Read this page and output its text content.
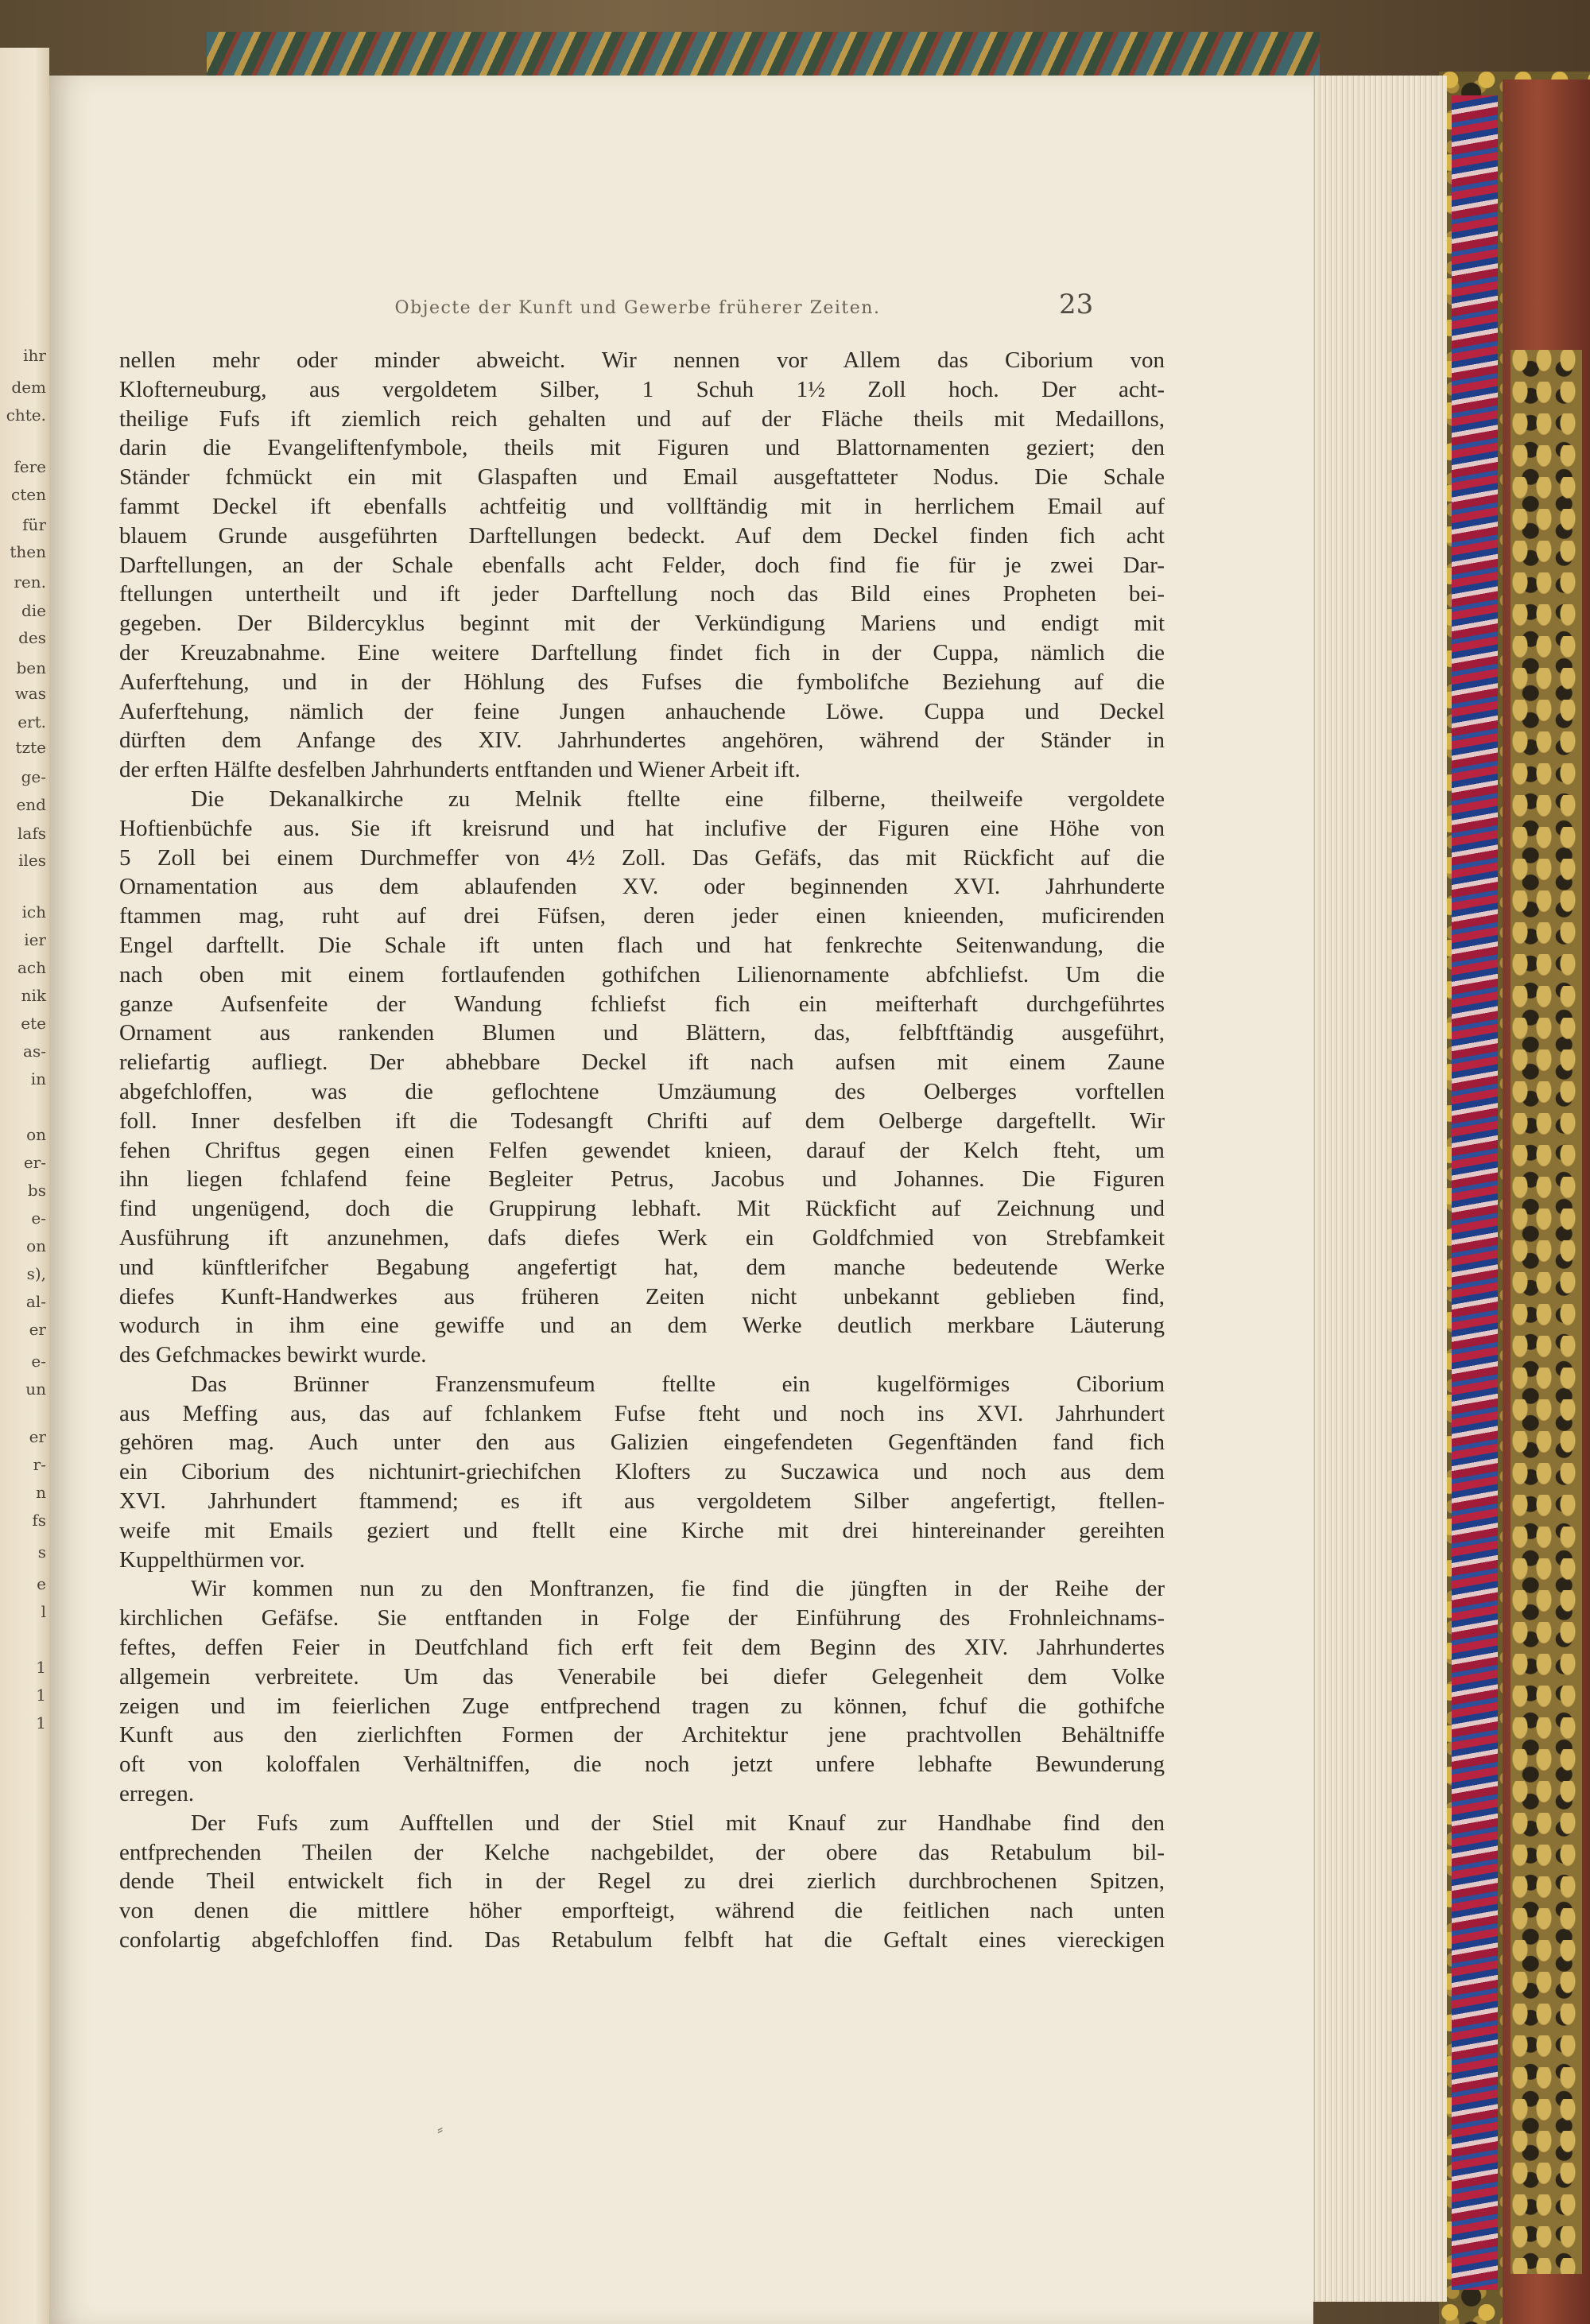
ihr
dem
chte.
fere
cten
für
then
ren.
die
des
ben
was
ert.
tzte
ge-
end
lafs
iles
ich
ier
ach
nik
ete
as-
in
on
er-
bs
e-
on
s),
al-
er
e-
un
er
r-
n
fs
s
e
l
1
1
1
Objecte der Kunft und Gewerbe früherer Zeiten.	23
nellen mehr oder minder abweicht. Wir nennen vor Allem das Ciborium von
Klofterneuburg, aus vergoldetem Silber, 1 Schuh 1½ Zoll hoch. Der acht-
theilige Fufs ift ziemlich reich gehalten und auf der Fläche theils mit Medaillons,
darin die Evangeliftenfymbole, theils mit Figuren und Blattornamenten geziert; den
Ständer fchmückt ein mit Glaspaften und Email ausgeftatteter Nodus. Die Schale
fammt Deckel ift ebenfalls achtfeitig und vollftändig mit in herrlichem Email auf
blauem Grunde ausgeführten Darftellungen bedeckt. Auf dem Deckel finden fich acht
Darftellungen, an der Schale ebenfalls acht Felder, doch find fie für je zwei Dar-
ftellungen untertheilt und ift jeder Darftellung noch das Bild eines Propheten bei-
gegeben. Der Bildercyklus beginnt mit der Verkündigung Mariens und endigt mit
der Kreuzabnahme. Eine weitere Darftellung findet fich in der Cuppa, nämlich die
Auferftehung, und in der Höhlung des Fufses die fymbolifche Beziehung auf die
Auferftehung, nämlich der feine Jungen anhauchende Löwe. Cuppa und Deckel
dürften dem Anfange des XIV. Jahrhundertes angehören, während der Ständer in
der erften Hälfte desfelben Jahrhunderts entftanden und Wiener Arbeit ift.
Die Dekanalkirche zu Melnik ftellte eine filberne, theilweife vergoldete
Hoftienbüchfe aus. Sie ift kreisrund und hat inclufive der Figuren eine Höhe von
5 Zoll bei einem Durchmeffer von 4½ Zoll. Das Gefäfs, das mit Rückficht auf die
Ornamentation aus dem ablaufenden XV. oder beginnenden XVI. Jahrhunderte
ftammen mag, ruht auf drei Füfsen, deren jeder einen knieenden, muficirenden
Engel darftellt. Die Schale ift unten flach und hat fenkrechte Seitenwandung, die
nach oben mit einem fortlaufenden gothifchen Lilienornamente abfchliefst. Um die
ganze Aufsenfeite der Wandung fchliefst fich ein meifterhaft durchgeführtes
Ornament aus rankenden Blumen und Blättern, das, felbftftändig ausgeführt,
reliefartig aufliegt. Der abhebbare Deckel ift nach aufsen mit einem Zaune
abgefchloffen, was die geflochtene Umzäumung des Oelberges vorftellen
foll. Inner desfelben ift die Todesangft Chrifti auf dem Oelberge dargeftellt. Wir
fehen Chriftus gegen einen Felfen gewendet knieen, darauf der Kelch fteht, um
ihn liegen fchlafend feine Begleiter Petrus, Jacobus und Johannes. Die Figuren
find ungenügend, doch die Gruppirung lebhaft. Mit Rückficht auf Zeichnung und
Ausführung ift anzunehmen, dafs diefes Werk ein Goldfchmied von Strebfamkeit
und künftlerifcher Begabung angefertigt hat, dem manche bedeutende Werke
diefes Kunft-Handwerkes aus früheren Zeiten nicht unbekannt geblieben find,
wodurch in ihm eine gewiffe und an dem Werke deutlich merkbare Läuterung
des Gefchmackes bewirkt wurde.
Das Brünner Franzensmufeum ftellte ein kugelförmiges Ciborium
aus Meffing aus, das auf fchlankem Fufse fteht und noch ins XVI. Jahrhundert
gehören mag. Auch unter den aus Galizien eingefendeten Gegenftänden fand fich
ein Ciborium des nichtunirt-griechifchen Klofters zu Suczawica und noch aus dem
XVI. Jahrhundert ftammend; es ift aus vergoldetem Silber angefertigt, ftellen-
weife mit Emails geziert und ftellt eine Kirche mit drei hintereinander gereihten
Kuppelthürmen vor.
Wir kommen nun zu den Monftranzen, fie find die jüngften in der Reihe der
kirchlichen Gefäfse. Sie entftanden in Folge der Einführung des Frohnleichnams-
feftes, deffen Feier in Deutfchland fich erft feit dem Beginn des XIV. Jahrhundertes
allgemein verbreitete. Um das Venerabile bei diefer Gelegenheit dem Volke
zeigen und im feierlichen Zuge entfprechend tragen zu können, fchuf die gothifche
Kunft aus den zierlichften Formen der Architektur jene prachtvollen Behältniffe
oft von koloffalen Verhältniffen, die noch jetzt unfere lebhafte Bewunderung
erregen.
Der Fufs zum Aufftellen und der Stiel mit Knauf zur Handhabe find den
entfprechenden Theilen der Kelche nachgebildet, der obere das Retabulum bil-
dende Theil entwickelt fich in der Regel zu drei zierlich durchbrochenen Spitzen,
von denen die mittlere höher emporfteigt, während die feitlichen nach unten
confolartig abgefchloffen find. Das Retabulum felbft hat die Geftalt eines viereckigen
⸗
